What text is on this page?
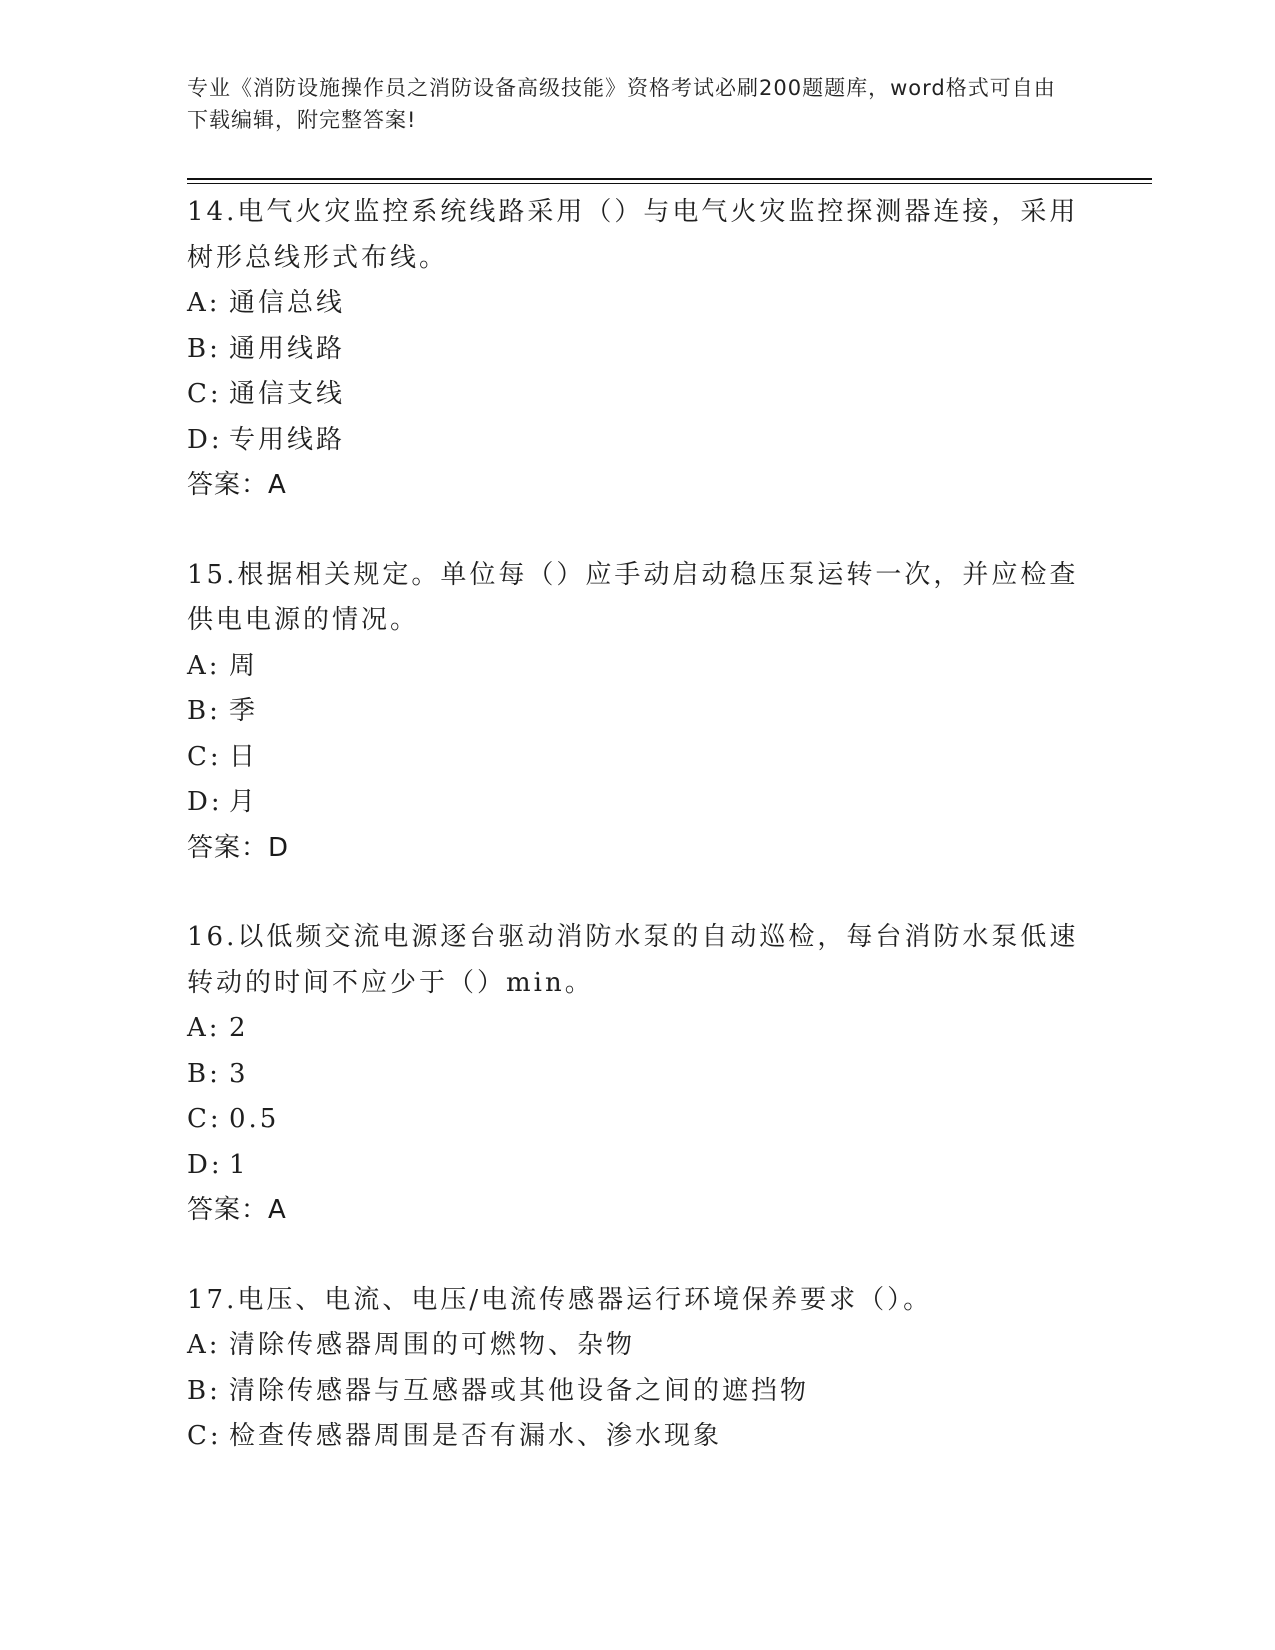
专业《消防设施操作员之消防设备高级技能》资格考试必刷200题题库，word格式可自由下载编辑，附完整答案!
14.电气火灾监控系统线路采用（）与电气火灾监控探测器连接，采用树形总线形式布线。
A: 通信总线
B: 通用线路
C: 通信支线
D: 专用线路
答案：A
15.根据相关规定。单位每（）应手动启动稳压泵运转一次，并应检查供电电源的情况。
A: 周
B: 季
C: 日
D: 月
答案：D
16.以低频交流电源逐台驱动消防水泵的自动巡检，每台消防水泵低速转动的时间不应少于（）min。
A: 2
B: 3
C: 0.5
D: 1
答案：A
17.电压、电流、电压/电流传感器运行环境保养要求（）。
A: 清除传感器周围的可燃物、杂物
B: 清除传感器与互感器或其他设备之间的遮挡物
C: 检查传感器周围是否有漏水、渗水现象
